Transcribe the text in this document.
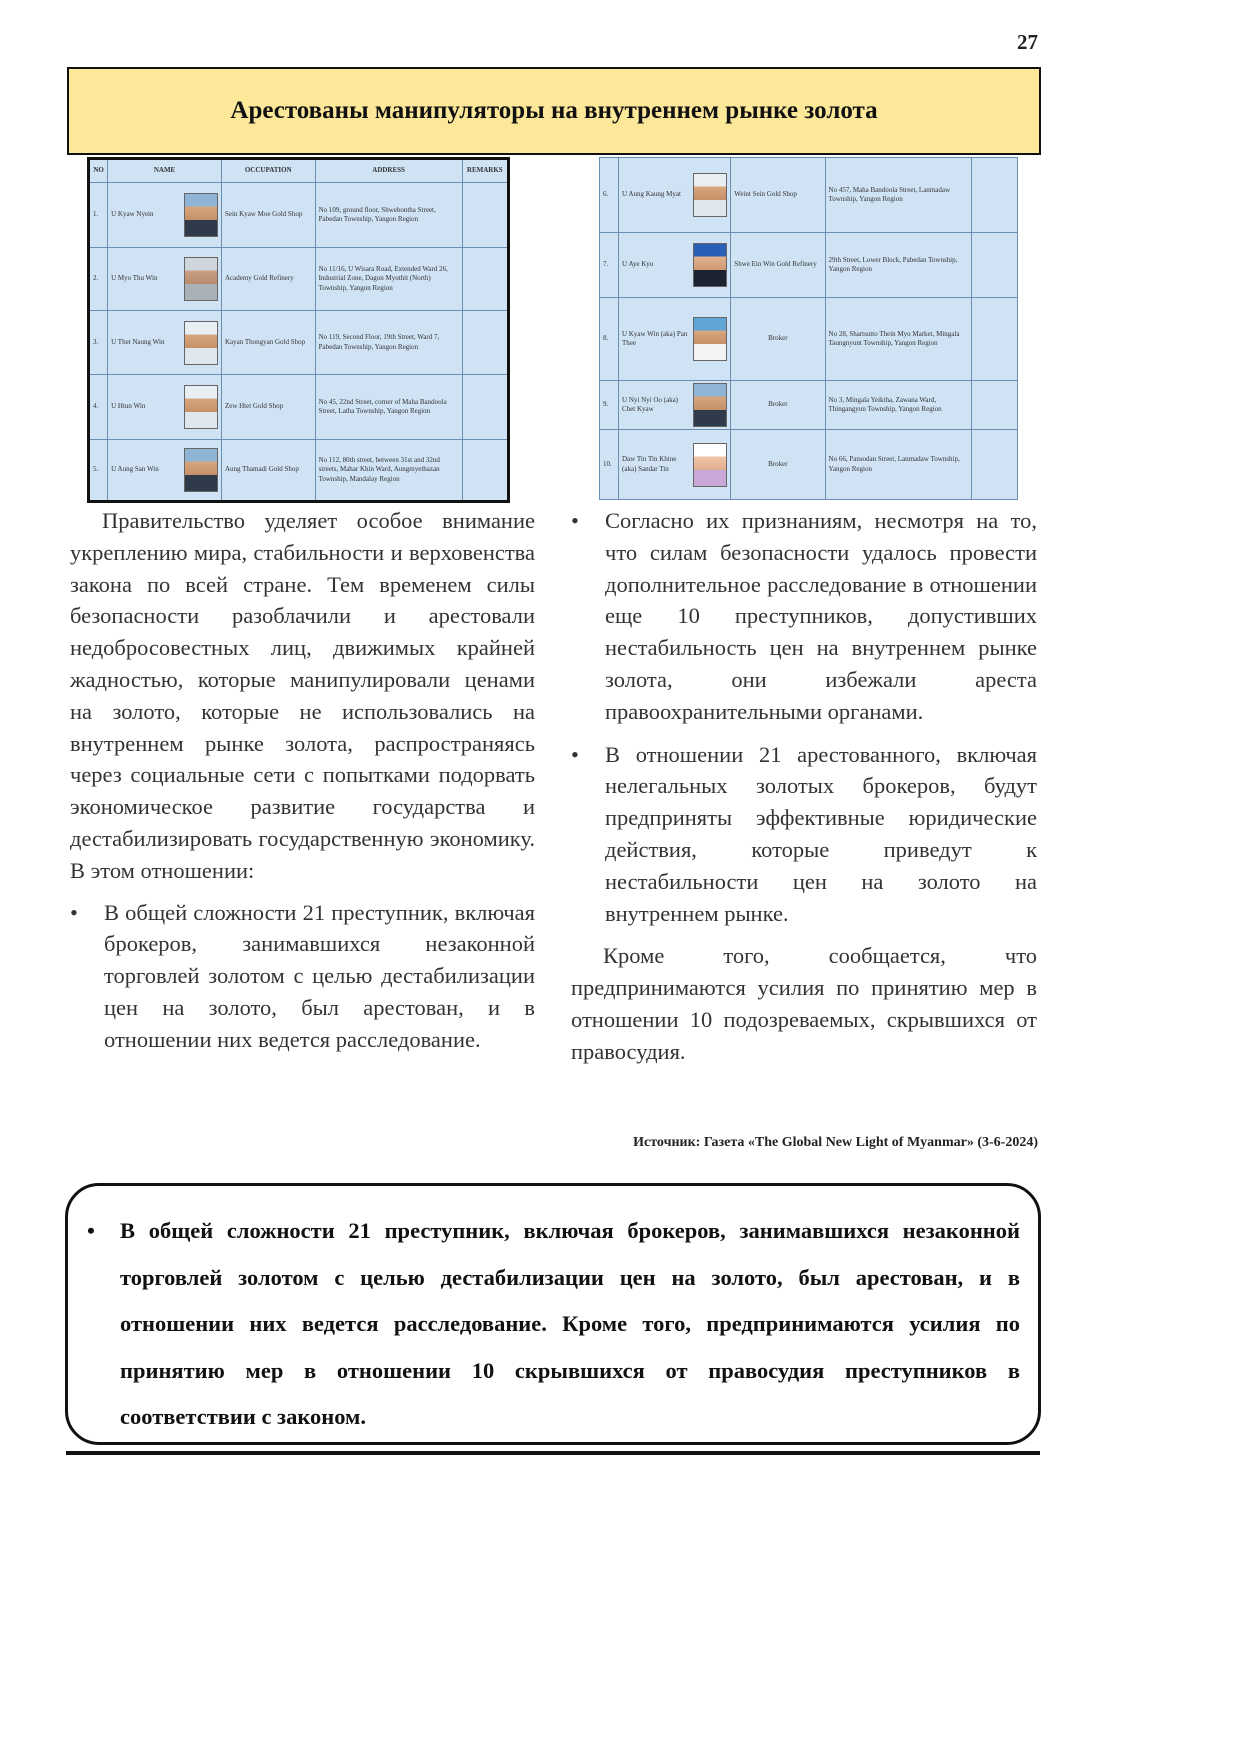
27
Арестованы манипуляторы на внутреннем рынке золота
NO	NAME	OCCUPATION	ADDRESS	REMARKS
1.	U Kyaw Nyein	Sein Kyaw Moe Gold Shop	No 109, ground floor, Shwebontha Street, Pabedan Township, Yangon Region	
2.	U Myo Thu Win	Academy Gold Refinery	No 11/16, U Wisara Road, Extended Ward 26, Industrial Zone, Dagon Myothit (North) Township, Yangon Region	
3.	U Thet Naung Win	Kayan Thongyan Gold Shop	No 119, Second Floor, 19th Street, Ward 7, Pabedan Township, Yangon Region	
4.	U Htun Win	Zew Htet Gold Shop	No 45, 22nd Street, corner of Maha Bandoola Street, Latha Township, Yangon Region	
5.	U Aung San Win	Aung Thamadi Gold Shop	No 112, 80th street, between 31st and 32nd streets, Mahar Khin Ward, Aungmyethazan Township, Mandalay Region	
6.	U Aung Kaung Myat	Weint Sein Gold Shop	No 457, Maha Bandoola Street, Lanmadaw Township, Yangon Region	
7.	U Aye Kyu	Shwe Ein Win Gold Refinery	29th Street, Lower Block, Pabedan Township, Yangon Region	
8.	U Kyaw Win (aka) Pan Thee	Broker	No 28, Shartsutto Thein Myo Market, Mingala Taungnyunt Township, Yangon Region	
9.	U Nyi Nyi Oo (aka) Chet Kyaw	Broker	No 3, Mingala Yeiktha, Zawana Ward, Thingangyun Township, Yangon Region	
10.	Daw Tin Tin Khine (aka) Sandar Tin	Broker	No 66, Pansodan Street, Lanmadaw Township, Yangon Region	

Правительство уделяет особое внимание укреплению мира, стабильности и верховенства закона по всей стране. Тем временем силы безопасности разоблачили и арестовали недобросовестных лиц, движимых крайней жадностью, которые манипулировали ценами на золото, которые не использовались на внутреннем рынке золота, распространяясь через социальные сети с попытками подорвать экономическое развитие государства и дестабилизировать государственную экономику. В этом отношении:

• В общей сложности 21 преступник, включая брокеров, занимавшихся незаконной торговлей золотом с целью дестабилизации цен на золото, был арестован, и в отношении них ведется расследование.
• Согласно их признаниям, несмотря на то, что силам безопасности удалось провести дополнительное расследование в отношении еще 10 преступников, допустивших нестабильность цен на внутреннем рынке золота, они избежали ареста правоохранительными органами.
• В отношении 21 арестованного, включая нелегальных золотых брокеров, будут предприняты эффективные юридические действия, которые приведут к нестабильности цен на золото на внутреннем рынке.

Кроме того, сообщается, что предпринимаются усилия по принятию мер в отношении 10 подозреваемых, скрывшихся от правосудия.

Источник: Газета «The Global New Light of Myanmar» (3-6-2024)
• В общей сложности 21 преступник, включая брокеров, занимавшихся незаконной торговлей золотом с целью дестабилизации цен на золото, был арестован, и в отношении них ведется расследование. Кроме того, предпринимаются усилия по принятию мер в отношении 10 скрывшихся от правосудия преступников в соответствии с законом.
